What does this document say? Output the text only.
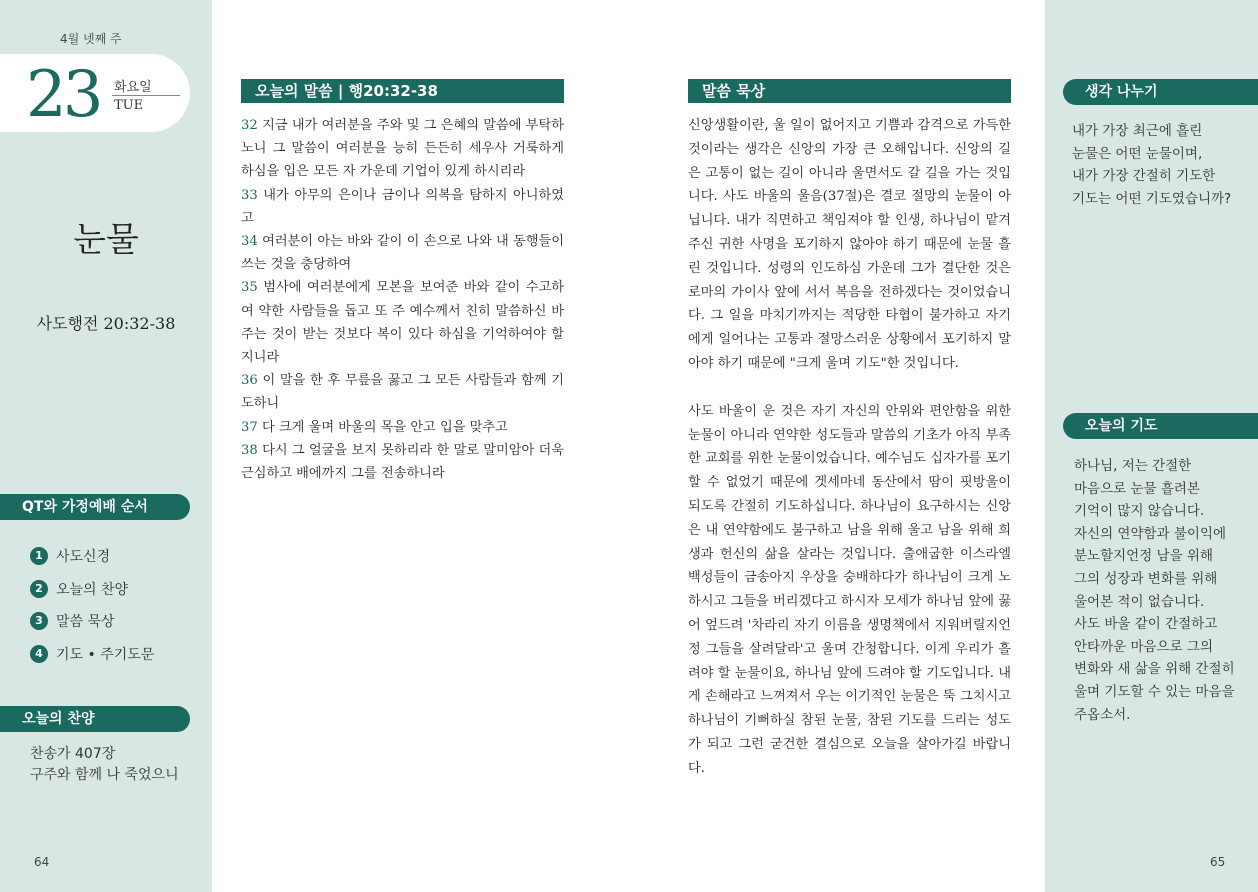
4월 넷째 주
23 화요일
TUE
눈물
사도행전 20:32-38
QT와 가정예배 순서
1 사도신경
2 오늘의 찬양
3 말씀 묵상
4 기도 • 주기도문
오늘의 찬양
찬송가 407장
구주와 함께 나 죽었으니
64
오늘의 말씀 | 행20:32-38
32 지금 내가 여러분을 주와 및 그 은혜의 말씀에 부탁하노니 그 말씀이 여러분을 능히 든든히 세우사 거룩하게 하심을 입은 모든 자 가운데 기업이 있게 하시리라
33 내가 아무의 은이나 금이나 의복을 탐하지 아니하였고
34 여러분이 아는 바와 같이 이 손으로 나와 내 동행들이 쓰는 것을 충당하여
35 범사에 여러분에게 모본을 보여준 바와 같이 수고하여 약한 사람들을 돕고 또 주 예수께서 친히 말씀하신 바 주는 것이 받는 것보다 복이 있다 하심을 기억하여야 할지니라
36 이 말을 한 후 무릎을 꿇고 그 모든 사람들과 함께 기도하니
37 다 크게 울며 바울의 목을 안고 입을 맞추고
38 다시 그 얼굴을 보지 못하리라 한 말로 말미암아 더욱 근심하고 배에까지 그를 전송하니라
말씀 묵상

신앙생활이란, 울 일이 없어지고 기쁨과 감격으로 가득한 것이라는 생각은 신앙의 가장 큰 오해입니다. 신앙의 길은 고통이 없는 길이 아니라 울면서도 갈 길을 가는 것입니다. 사도 바울의 울음(37절)은 결코 절망의 눈물이 아닙니다. 내가 직면하고 책임져야 할 인생, 하나님이 맡겨주신 귀한 사명을 포기하지 않아야 하기 때문에 눈물 흘린 것입니다. 성령의 인도하심 가운데 그가 결단한 것은 로마의 가이사 앞에 서서 복음을 전하겠다는 것이었습니다. 그 일을 마치기까지는 적당한 타협이 불가하고 자기에게 일어나는 고통과 절망스러운 상황에서 포기하지 말아야 하기 때문에 "크게 울며 기도"한 것입니다.

사도 바울이 운 것은 자기 자신의 안위와 편안함을 위한 눈물이 아니라 연약한 성도들과 말씀의 기초가 아직 부족한 교회를 위한 눈물이었습니다. 예수님도 십자가를 포기할 수 없었기 때문에 겟세마네 동산에서 땀이 핏방울이 되도록 간절히 기도하십니다. 하나님이 요구하시는 신앙은 내 연약함에도 불구하고 남을 위해 울고 남을 위해 희생과 헌신의 삶을 살라는 것입니다. 출애굽한 이스라엘 백성들이 금송아지 우상을 숭배하다가 하나님이 크게 노하시고 그들을 버리겠다고 하시자 모세가 하나님 앞에 꿇어 엎드려 '차라리 자기 이름을 생명책에서 지워버릴지언정 그들을 살려달라'고 울며 간청합니다. 이게 우리가 흘려야 할 눈물이요, 하나님 앞에 드려야 할 기도입니다. 내게 손해라고 느껴져서 우는 이기적인 눈물은 뚝 그치시고 하나님이 기뻐하실 참된 눈물, 참된 기도를 드리는 성도가 되고 그런 굳건한 결심으로 오늘을 살아가길 바랍니다.

생각 나누기
내가 가장 최근에 흘린
눈물은 어떤 눈물이며,
내가 가장 간절히 기도한
기도는 어떤 기도였습니까?
오늘의 기도
하나님, 저는 간절한
마음으로 눈물 흘려본
기억이 많지 않습니다.
자신의 연약함과 불이익에
분노할지언정 남을 위해
그의 성장과 변화를 위해
울어본 적이 없습니다.
사도 바울 같이 간절하고
안타까운 마음으로 그의
변화와 새 삶을 위해 간절히
울며 기도할 수 있는 마음을
주옵소서.
65
